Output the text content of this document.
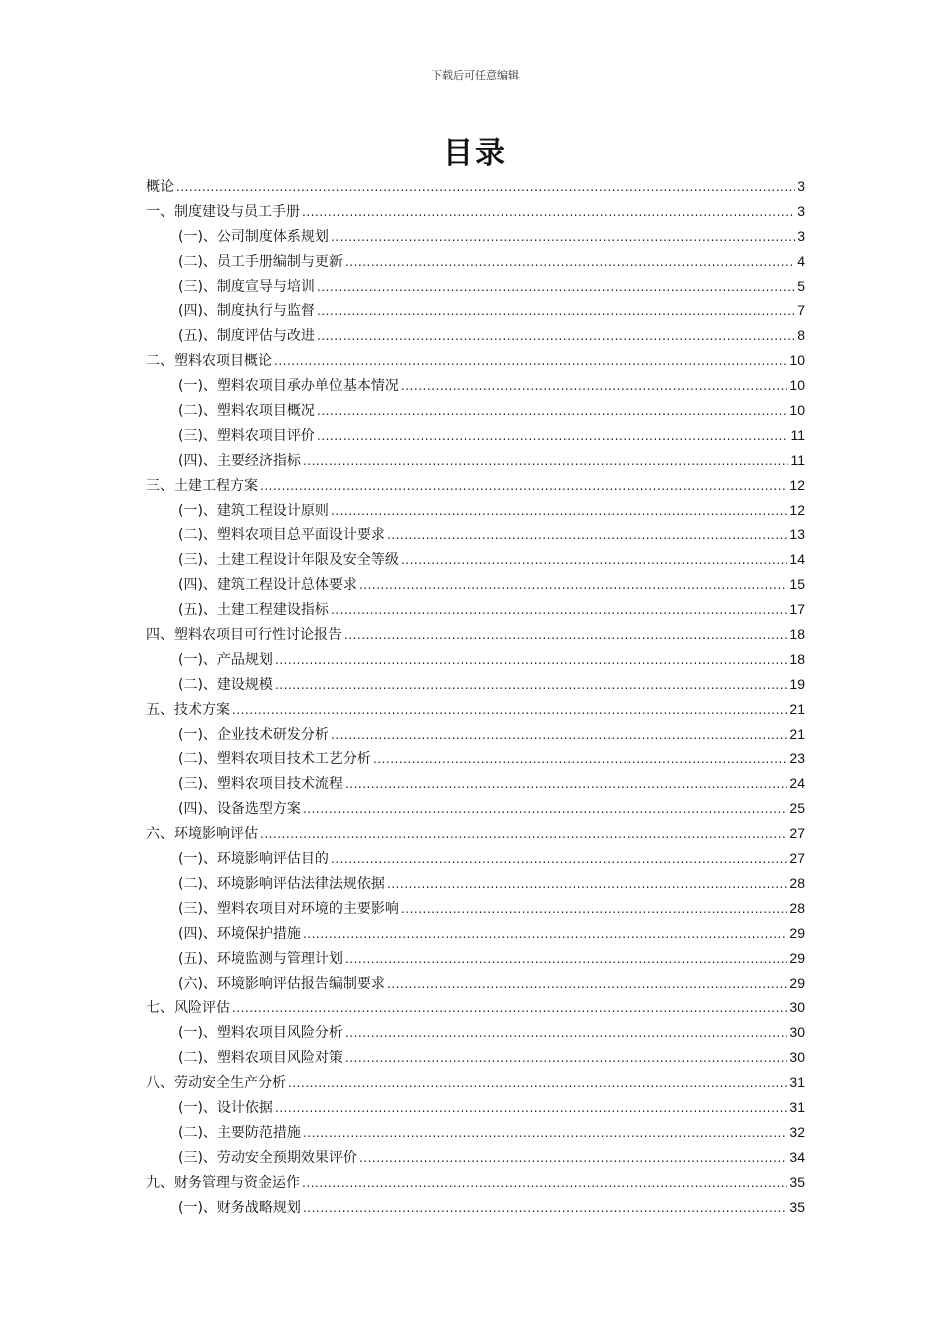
下载后可任意编辑
目录
概论 .....	3
一、制度建设与员工手册 .....	3
(一)、公司制度体系规划 .....	3
(二)、员工手册编制与更新 .....	4
(三)、制度宣导与培训 .....	5
(四)、制度执行与监督 .....	7
(五)、制度评估与改进 .....	8
二、塑料农项目概论 .....	10
(一)、塑料农项目承办单位基本情况 .....	10
(二)、塑料农项目概况 .....	10
(三)、塑料农项目评价 .....	11
(四)、主要经济指标 .....	11
三、土建工程方案 .....	12
(一)、建筑工程设计原则 .....	12
(二)、塑料农项目总平面设计要求 .....	13
(三)、土建工程设计年限及安全等级 .....	14
(四)、建筑工程设计总体要求 .....	15
(五)、土建工程建设指标 .....	17
四、塑料农项目可行性讨论报告 .....	18
(一)、产品规划 .....	18
(二)、建设规模 .....	19
五、技术方案 .....	21
(一)、企业技术研发分析 .....	21
(二)、塑料农项目技术工艺分析 .....	23
(三)、塑料农项目技术流程 .....	24
(四)、设备选型方案 .....	25
六、环境影响评估 .....	27
(一)、环境影响评估目的 .....	27
(二)、环境影响评估法律法规依据 .....	28
(三)、塑料农项目对环境的主要影响 .....	28
(四)、环境保护措施 .....	29
(五)、环境监测与管理计划 .....	29
(六)、环境影响评估报告编制要求 .....	29
七、风险评估 .....	30
(一)、塑料农项目风险分析 .....	30
(二)、塑料农项目风险对策 .....	30
八、劳动安全生产分析 .....	31
(一)、设计依据 .....	31
(二)、主要防范措施 .....	32
(三)、劳动安全预期效果评价 .....	34
九、财务管理与资金运作 .....	35
(一)、财务战略规划 .....	35
